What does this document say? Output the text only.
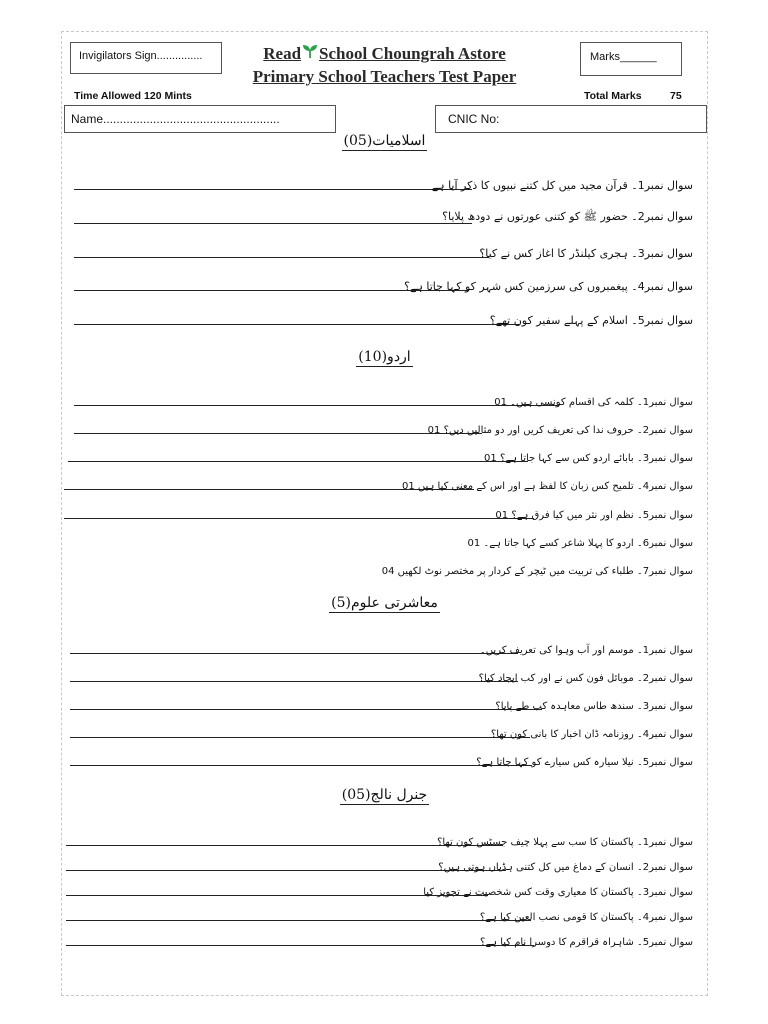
Invigilators Sign...............	Marks______
Read School Choungrah Astore
Primary School Teachers Test Paper
Time Allowed 120 Mints	Total Marks	75
Name.....................................................	CNIC No:
اسلامیات(05)
سوال نمبر1۔ قرآن مجید میں کل کتنے نبیوں کا ذکر آیا ہے
سوال نمبر2۔ حضور ﷺ کو کتنی عورتوں نے دودھ پلایا؟
سوال نمبر3۔ ہجری کیلنڈر کا اغاز کس نے کیا؟
سوال نمبر4۔ پیغمبروں کی سرزمین کس شہر کو کہا جاتا ہے؟
سوال نمبر5۔ اسلام کے پہلے سفیر کون تھے؟
اردو(10)
سوال نمبر1۔ کلمہ کی اقسام کونسی ہیں۔ 01
سوال نمبر2۔ حروف ندا کی تعریف کریں اور دو مثالیں دیں؟ 01
سوال نمبر3۔ بابائے اردو کس سے کہا جاتا ہے؟ 01
سوال نمبر4۔ تلمیح کس زبان کا لفظ ہے اور اس کے معنی کیا ہیں 01
سوال نمبر5۔ نظم اور نثر میں کیا فرق ہے؟ 01
سوال نمبر6۔ اردو کا پہلا شاعر کسے کہا جاتا ہے۔ 01
سوال نمبر7۔ طلباء کی تربیت میں ٹیچر کے کردار پر مختصر نوٹ لکھیں 04
معاشرتی علوم(5)
سوال نمبر1۔ موسم اور آب وہوا کی تعریف کریں۔
سوال نمبر2۔ موبائل فون کس نے اور کب ایجاد کیا؟
سوال نمبر3۔ سندھ طاس معاہدہ کب طے پایا؟
سوال نمبر4۔ روزنامہ ڈان اخبار کا بانی کون تھا؟
سوال نمبر5۔ نیلا سیارہ کس سیارے کو کہا جاتا ہے؟
جنرل نالج(05)
سوال نمبر1۔ پاکستان کا سب سے پہلا چیف جسٹس کون تھا؟
سوال نمبر2۔ انسان کے دماغ میں کل کتنی ہڈیاں ہوتی ہیں؟
سوال نمبر3۔ پاکستان کا معیاری وقت کس شخصیت نے تجویز کیا
سوال نمبر4۔ پاکستان کا قومی نصب العین کیا ہے؟
سوال نمبر5۔ شاہراہ قراقرم کا دوسرا نام کیا ہے؟
